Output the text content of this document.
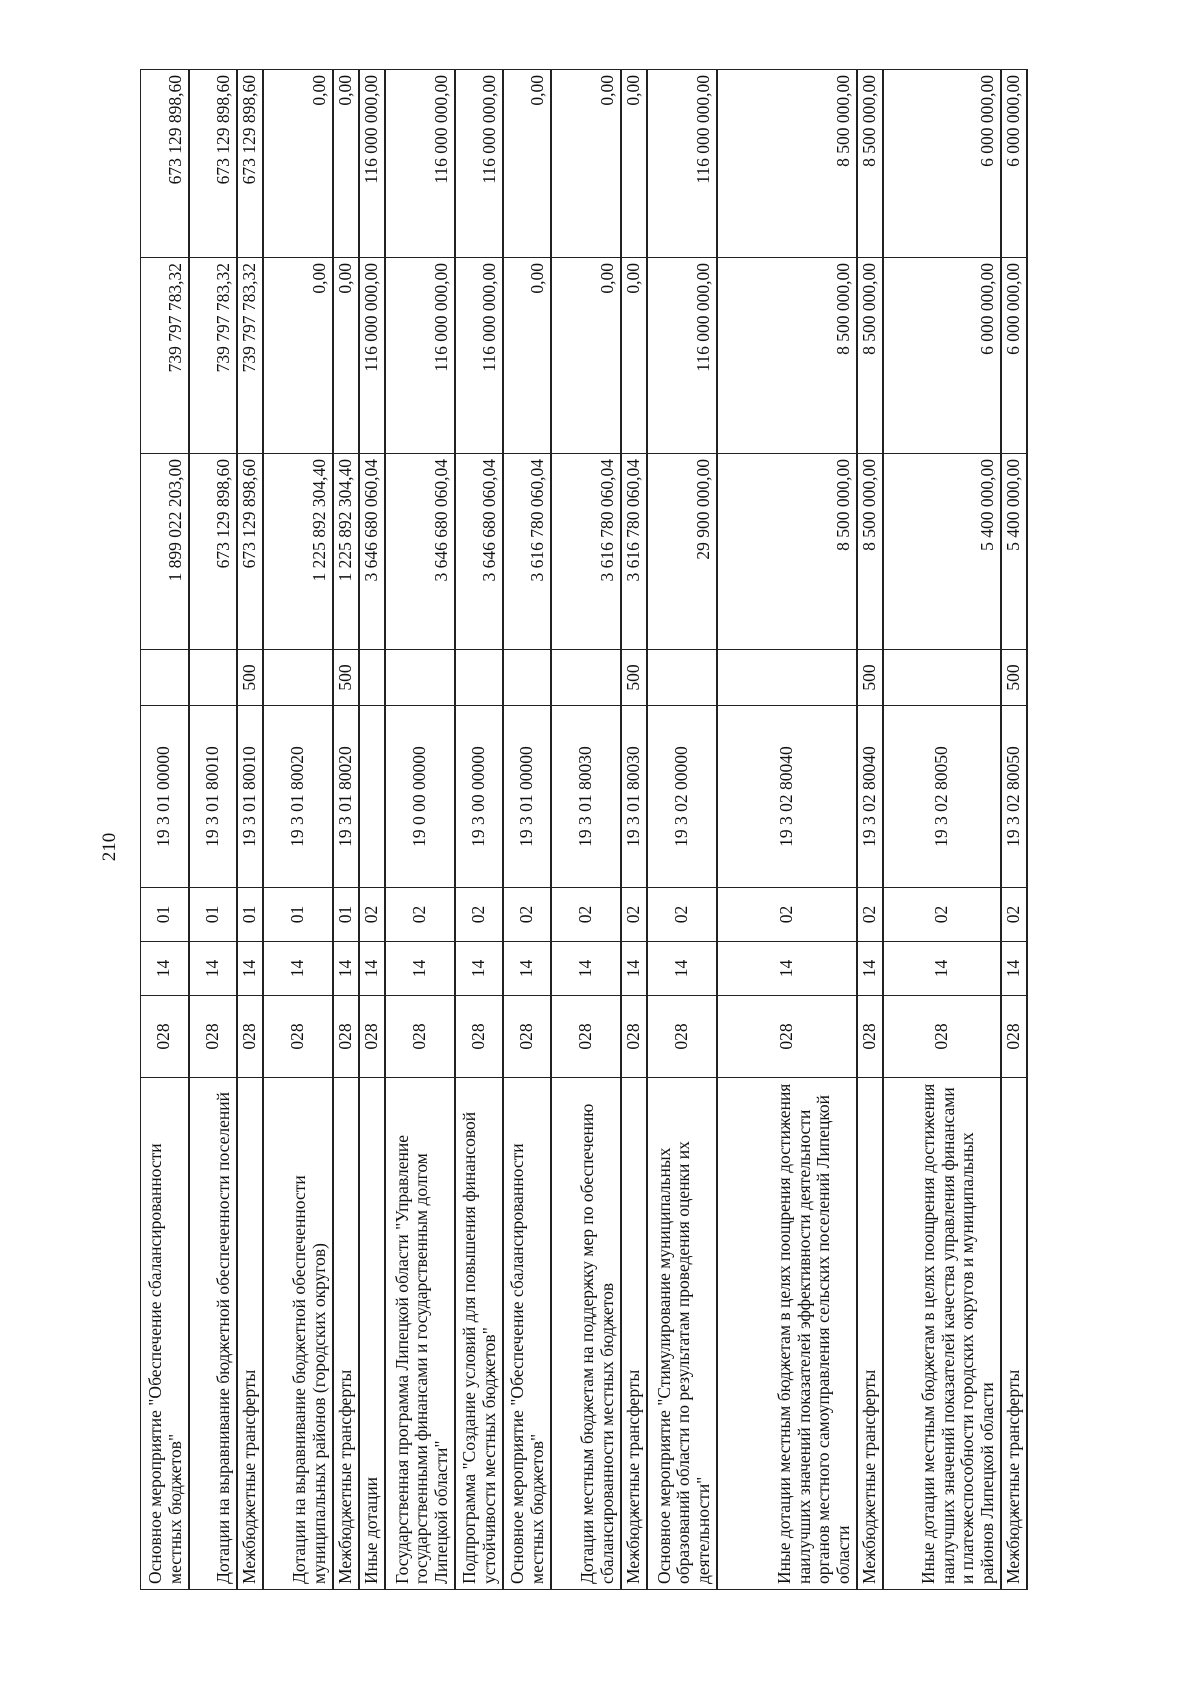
210
Основное мероприятие "Обеспечение сбалансированности местных бюджетов"	028	14	01	19 3 01 00000		1 899 022 203,00	739 797 783,32	673 129 898,60
Дотации на выравнивание бюджетной обеспеченности поселений	028	14	01	19 3 01 80010		673 129 898,60	739 797 783,32	673 129 898,60
Межбюджетные трансферты	028	14	01	19 3 01 80010	500	673 129 898,60	739 797 783,32	673 129 898,60
Дотации на выравнивание бюджетной обеспеченности муниципальных районов (городских округов)	028	14	01	19 3 01 80020		1 225 892 304,40	0,00	0,00
Межбюджетные трансферты	028	14	01	19 3 01 80020	500	1 225 892 304,40	0,00	0,00
Иные дотации	028	14	02			3 646 680 060,04	116 000 000,00	116 000 000,00
Государственная программа Липецкой области "Управление государственными финансами и государственным долгом Липецкой области"	028	14	02	19 0 00 00000		3 646 680 060,04	116 000 000,00	116 000 000,00
Подпрограмма "Создание условий для повышения финансовой устойчивости местных бюджетов"	028	14	02	19 3 00 00000		3 646 680 060,04	116 000 000,00	116 000 000,00
Основное мероприятие "Обеспечение сбалансированности местных бюджетов"	028	14	02	19 3 01 00000		3 616 780 060,04	0,00	0,00
Дотации местным бюджетам на поддержку мер по обеспечению сбалансированности местных бюджетов	028	14	02	19 3 01 80030		3 616 780 060,04	0,00	0,00
Межбюджетные трансферты	028	14	02	19 3 01 80030	500	3 616 780 060,04	0,00	0,00
Основное мероприятие "Стимулирование муниципальных образований области по результатам проведения оценки их деятельности"	028	14	02	19 3 02 00000		29 900 000,00	116 000 000,00	116 000 000,00
Иные дотации местным бюджетам в целях поощрения достижения наилучших значений показателей эффективности деятельности органов местного самоуправления сельских поселений Липецкой области	028	14	02	19 3 02 80040		8 500 000,00	8 500 000,00	8 500 000,00
Межбюджетные трансферты	028	14	02	19 3 02 80040	500	8 500 000,00	8 500 000,00	8 500 000,00
Иные дотации местным бюджетам в целях поощрения достижения наилучших значений показателей качества управления финансами и платежеспособности городских округов и муниципальных районов Липецкой области	028	14	02	19 3 02 80050		5 400 000,00	6 000 000,00	6 000 000,00
Межбюджетные трансферты	028	14	02	19 3 02 80050	500	5 400 000,00	6 000 000,00	6 000 000,00
